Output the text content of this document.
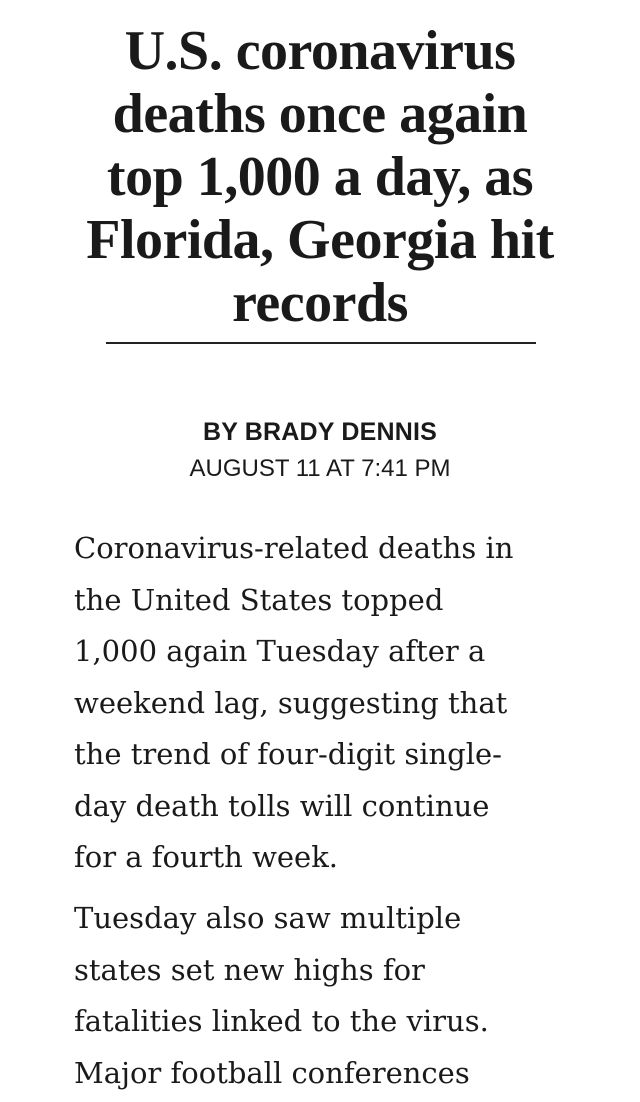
U.S. coronavirus
deaths once again
top 1,000 a day, as
Florida, Georgia hit
records
BY BRADY DENNIS
AUGUST 11 AT 7:41 PM

Coronavirus-related deaths in
the United States topped
1,000 again Tuesday after a
weekend lag, suggesting that
the trend of four-digit single-
day death tolls will continue
for a fourth week.

Tuesday also saw multiple
states set new highs for
fatalities linked to the virus.
Major football conferences
